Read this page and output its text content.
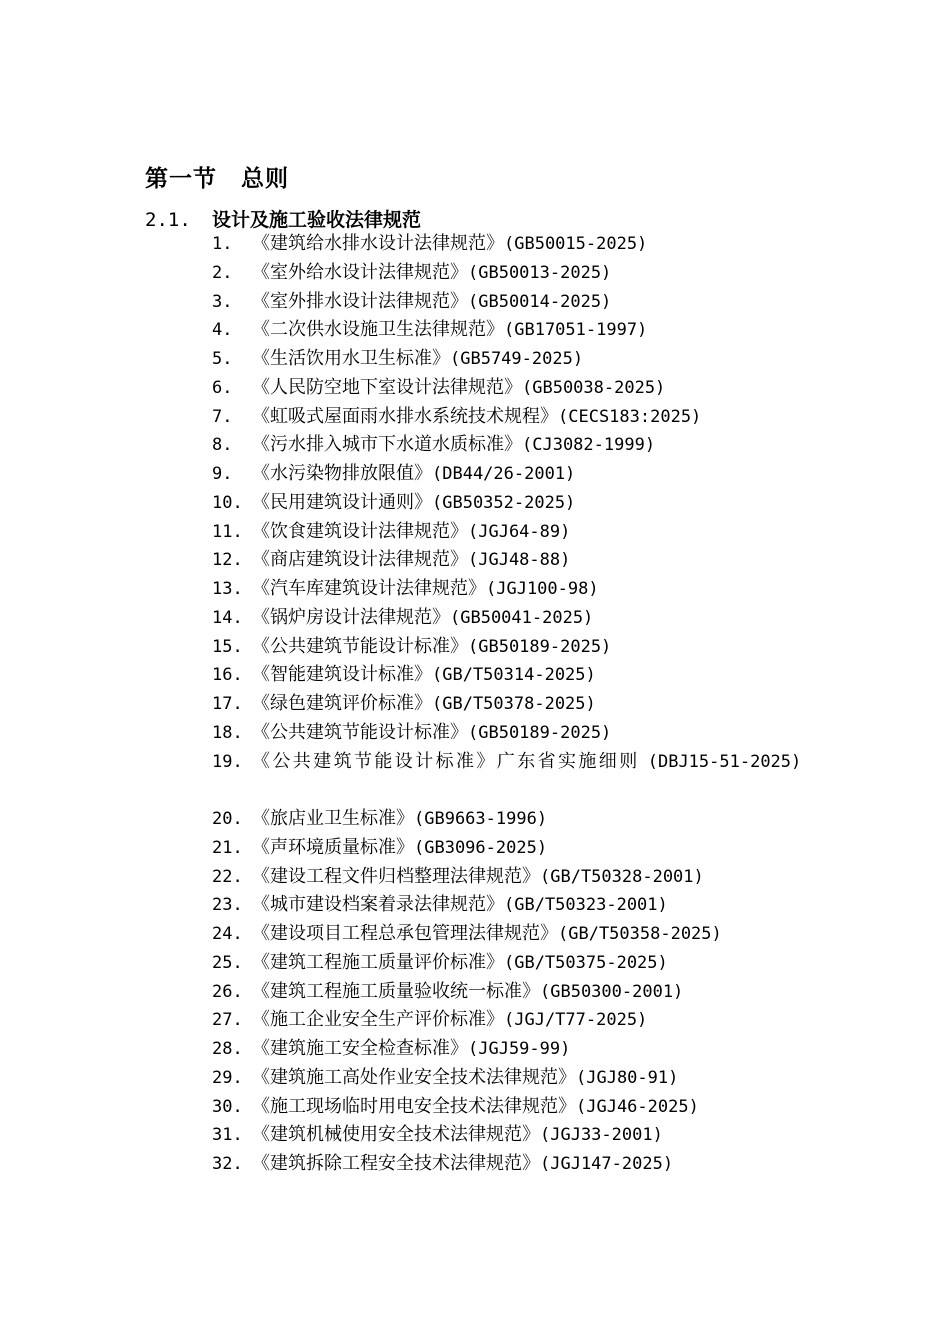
第一节　总则
2.1. 设计及施工验收法律规范
1. 《建筑给水排水设计法律规范》(GB50015-2025)
2. 《室外给水设计法律规范》(GB50013-2025)
3. 《室外排水设计法律规范》(GB50014-2025)
4. 《二次供水设施卫生法律规范》(GB17051-1997)
5. 《生活饮用水卫生标准》(GB5749-2025)
6. 《人民防空地下室设计法律规范》(GB50038-2025)
7. 《虹吸式屋面雨水排水系统技术规程》(CECS183:2025)
8. 《污水排入城市下水道水质标准》(CJ3082-1999)
9. 《水污染物排放限值》(DB44/26-2001)
10. 《民用建筑设计通则》(GB50352-2025)
11. 《饮食建筑设计法律规范》(JGJ64-89)
12. 《商店建筑设计法律规范》(JGJ48-88)
13. 《汽车库建筑设计法律规范》(JGJ100-98)
14. 《锅炉房设计法律规范》(GB50041-2025)
15. 《公共建筑节能设计标准》(GB50189-2025)
16. 《智能建筑设计标准》(GB/T50314-2025)
17. 《绿色建筑评价标准》(GB/T50378-2025)
18. 《公共建筑节能设计标准》(GB50189-2025)
19. 《公共建筑节能设计标准》广东省实施细则 (DBJ15-51-2025)
20. 《旅店业卫生标准》(GB9663-1996)
21. 《声环境质量标准》(GB3096-2025)
22. 《建设工程文件归档整理法律规范》(GB/T50328-2001)
23. 《城市建设档案着录法律规范》(GB/T50323-2001)
24. 《建设项目工程总承包管理法律规范》(GB/T50358-2025)
25. 《建筑工程施工质量评价标准》(GB/T50375-2025)
26. 《建筑工程施工质量验收统一标准》(GB50300-2001)
27. 《施工企业安全生产评价标准》(JGJ/T77-2025)
28. 《建筑施工安全检查标准》(JGJ59-99)
29. 《建筑施工高处作业安全技术法律规范》(JGJ80-91)
30. 《施工现场临时用电安全技术法律规范》(JGJ46-2025)
31. 《建筑机械使用安全技术法律规范》(JGJ33-2001)
32. 《建筑拆除工程安全技术法律规范》(JGJ147-2025)
